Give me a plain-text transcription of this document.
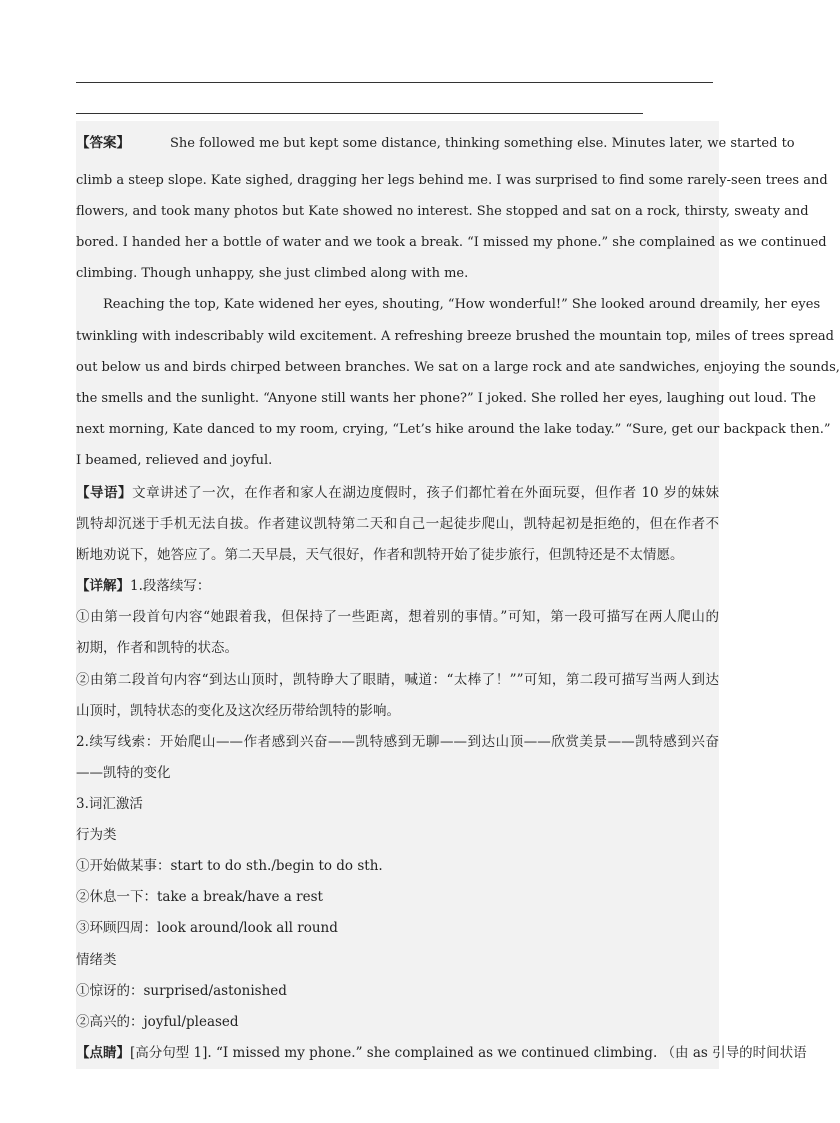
【答案】	She followed me but kept some distance, thinking something else. Minutes later, we started to
climb a steep slope. Kate sighed, dragging her legs behind me. I was surprised to find some rarely-seen trees and
flowers, and took many photos but Kate showed no interest. She stopped and sat on a rock, thirsty, sweaty and
bored. I handed her a bottle of water and we took a break. “I missed my phone.” she complained as we continued
climbing. Though unhappy, she just climbed along with me.
Reaching the top, Kate widened her eyes, shouting, “How wonderful!” She looked around dreamily, her eyes
twinkling with indescribably wild excitement. A refreshing breeze brushed the mountain top, miles of trees spread
out below us and birds chirped between branches. We sat on a large rock and ate sandwiches, enjoying the sounds,
the smells and the sunlight. “Anyone still wants her phone?” I joked. She rolled her eyes, laughing out loud. The
next morning, Kate danced to my room, crying, “Let’s hike around the lake today.” “Sure, get our backpack then.”
I beamed, relieved and joyful.
【导语】文章讲述了一次，在作者和家人在湖边度假时，孩子们都忙着在外面玩耍，但作者 10 岁的妹妹
凯特却沉迷于手机无法自拔。作者建议凯特第二天和自己一起徒步爬山，凯特起初是拒绝的，但在作者不
断地劝说下，她答应了。第二天早晨，天气很好，作者和凯特开始了徒步旅行，但凯特还是不太情愿。
【详解】1.段落续写：
①由第一段首句内容“她跟着我，但保持了一些距离，想着别的事情。”可知，第一段可描写在两人爬山的
初期，作者和凯特的状态。
②由第二段首句内容“到达山顶时，凯特睁大了眼睛，喊道：“太棒了！””可知，第二段可描写当两人到达
山顶时，凯特状态的变化及这次经历带给凯特的影响。
2.续写线索：开始爬山——作者感到兴奋——凯特感到无聊——到达山顶——欣赏美景——凯特感到兴奋
——凯特的变化
3.词汇激活
行为类
①开始做某事：start to do sth./begin to do sth.
②休息一下：take a break/have a rest
③环顾四周：look around/look all round
情绪类
①惊讶的：surprised/astonished
②高兴的：joyful/pleased
【点睛】[高分句型 1]. “I missed my phone.” she complained as we continued climbing. （由 as 引导的时间状语
